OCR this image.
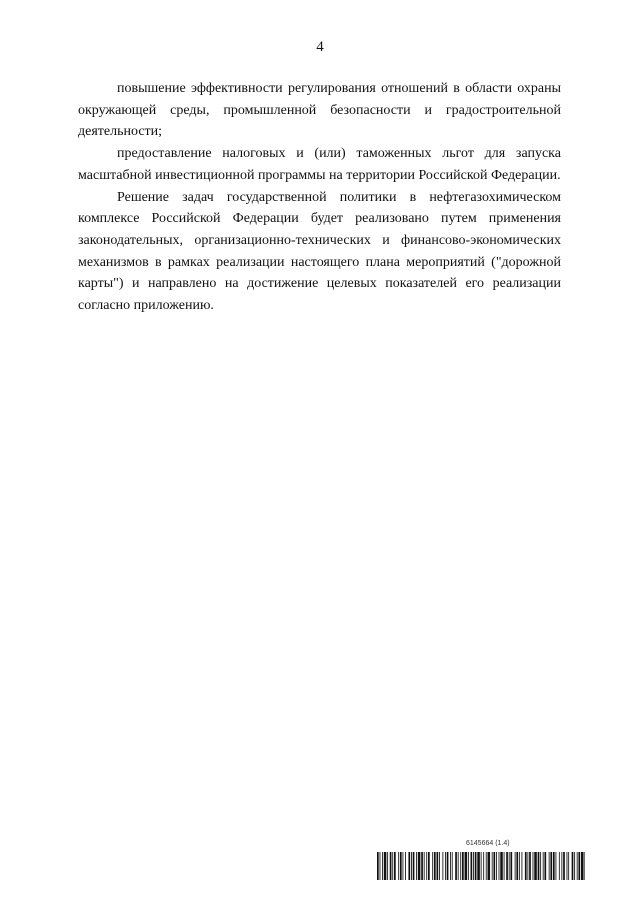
4

повышение эффективности регулирования отношений в области охраны окружающей среды, промышленной безопасности и градостроительной деятельности;

предоставление налоговых и (или) таможенных льгот для запуска масштабной инвестиционной программы на территории Российской Федерации.

Решение задач государственной политики в нефтегазохимическом комплексе Российской Федерации будет реализовано путем применения законодательных, организационно-технических и финансово-экономических механизмов в рамках реализации настоящего плана мероприятий ("дорожной карты") и направлено на достижение целевых показателей его реализации согласно приложению.

6145664 (1.4)
